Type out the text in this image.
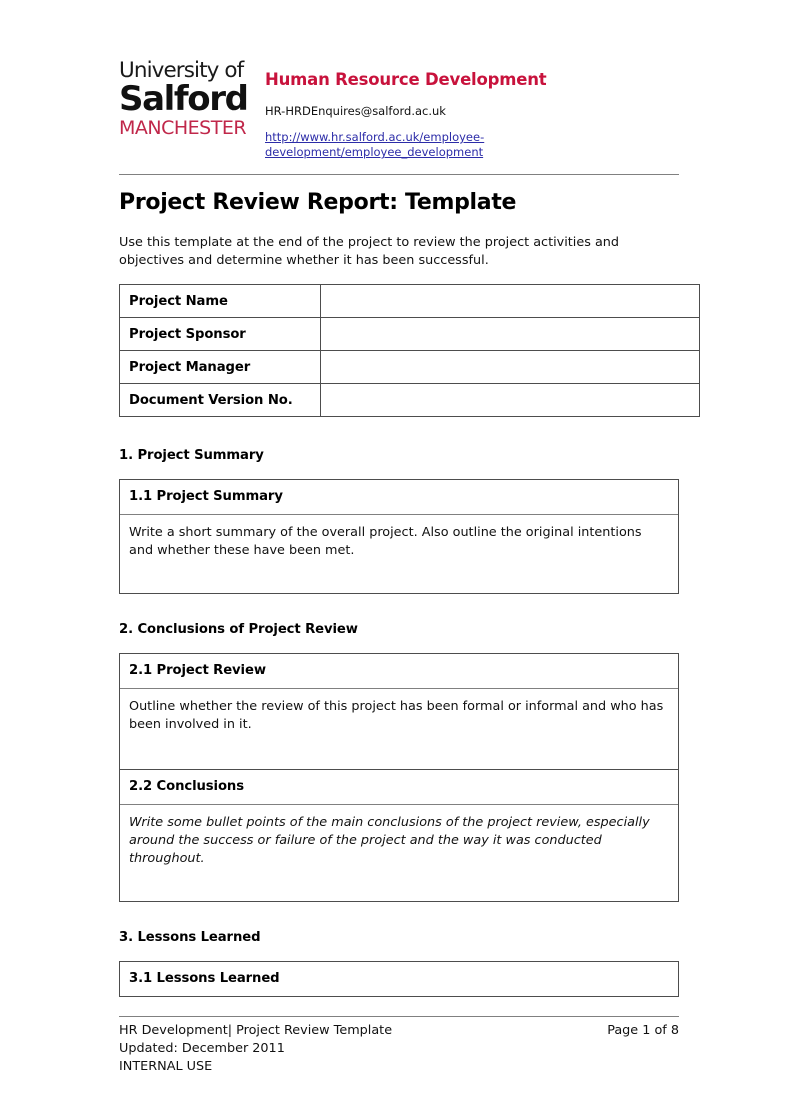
University of
Salford
MANCHESTER
Human Resource Development
HR-HRDEnquires@salford.ac.uk
http://www.hr.salford.ac.uk/employee-development/employee_development
Project Review Report: Template
Use this template at the end of the project to review the project activities and objectives and determine whether it has been successful.
Project Name	
Project Sponsor	
Project Manager	
Document Version No.	
1. Project Summary
1.1 Project Summary
Write a short summary of the overall project. Also outline the original intentions and whether these have been met.
2. Conclusions of Project Review
2.1 Project Review
Outline whether the review of this project has been formal or informal and who has been involved in it.
2.2 Conclusions
Write some bullet points of the main conclusions of the project review, especially around the success or failure of the project and the way it was conducted throughout.
3. Lessons Learned
3.1 Lessons Learned
HR Development| Project Review Template
Updated: December 2011
INTERNAL USE
Page 1 of 8
